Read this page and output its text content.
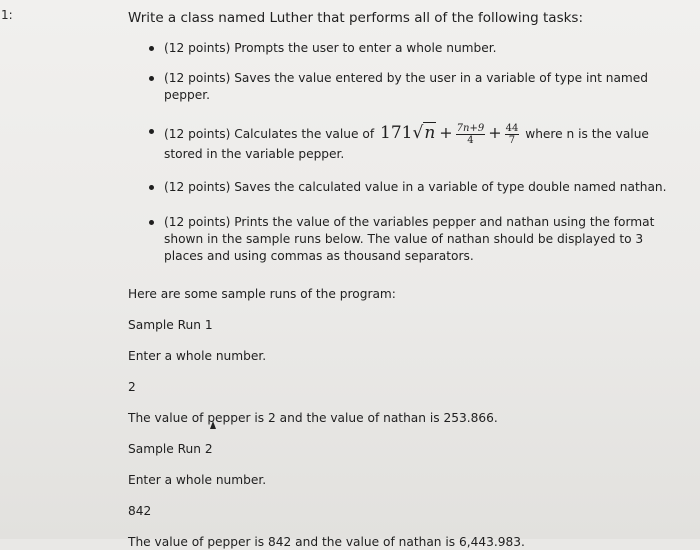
1:	Write a class named Luther that performs all of the following tasks:

(12 points) Prompts the user to enter a whole number.
(12 points) Saves the value entered by the user in a variable of type int named pepper.
(12 points) Calculates the value of $171√n + \frac{7n+9}{4} + \frac{44}{7}$ where n is the value stored in the variable pepper.
(12 points) Saves the calculated value in a variable of type double named nathan.
(12 points) Prints the value of the variables pepper and nathan using the format shown in the sample runs below. The value of nathan should be displayed to 3 places and using commas as thousand separators.

Here are some sample runs of the program:

Sample Run 1

Enter a whole number.

2

The value of pepper is 2 and the value of nathan is 253.866.

Sample Run 2

Enter a whole number.

842

The value of pepper is 842 and the value of nathan is 6,443.983.
